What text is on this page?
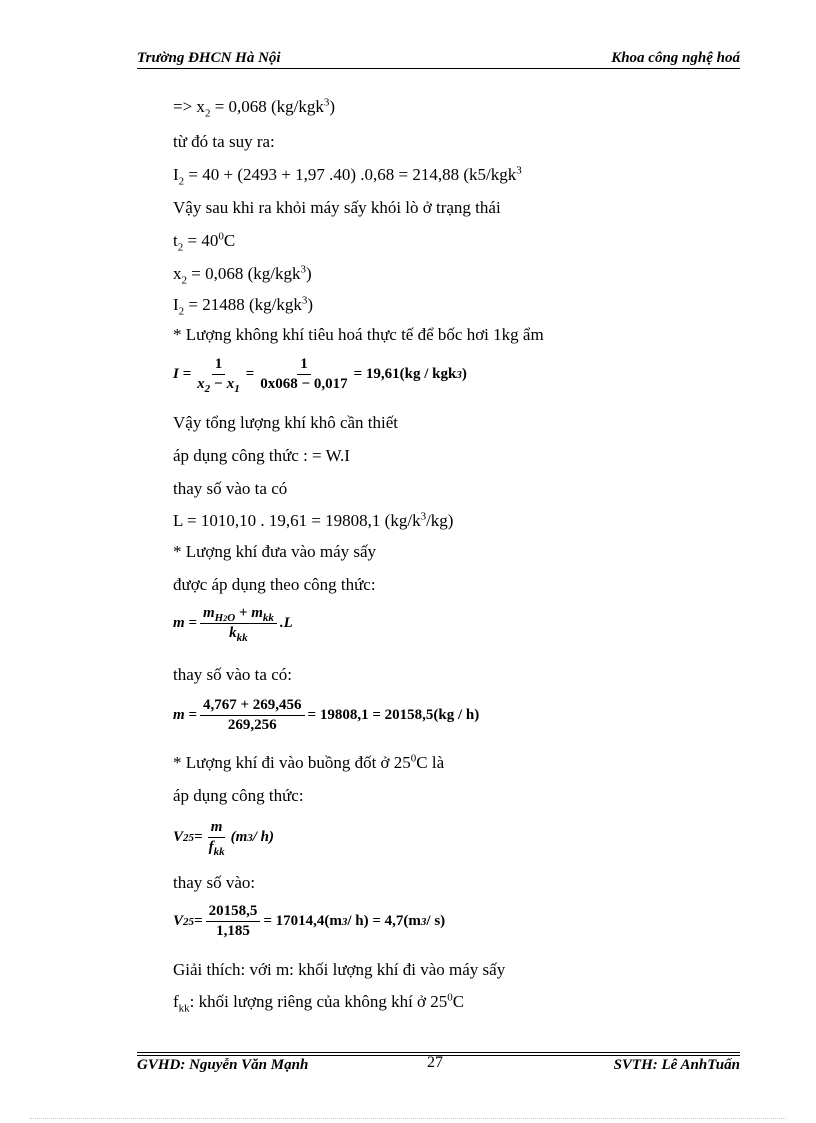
Trường ĐHCN Hà Nội	Khoa công nghệ hoá
=> $x_2 = 0,068$ (kg/kgk$^3$)
từ đó ta suy ra:
$I_2 = 40 + (2493 + 1,97$ .40) .0,68 = 214,88 (k5/kgk$^3$
Vậy sau khi ra khỏi máy sấy khói lò ở trạng thái
$t_2 = 40^0C$
$x_2 = 0,068$ (kg/kgk$^3$)
$I_2 = 21488$ (kg/kgk$^3$)
* Lượng không khí tiêu hoá thực tế để bốc hơi 1kg ẩm
$I = \frac{1}{x_2 - x_1} = \frac{1}{0x068 - 0,017} = 19,61(kg$ / kgk 3 )
Vậy tổng lượng khí khô cần thiết
áp dụng công thức : = W.I
thay số vào ta có
L = 1010,10 . 19,61 = 19808,1 $(kg/k^3/kg)$
* Lượng khí đưa vào máy sấy
được áp dụng theo công thức:
$m = \frac{m_{H2O} + m_{kk}}{k_{kk}} .L$
thay số vào ta có:
$m = \frac{4,767 + 269,456}{269,256} = 19808,1 = 20158,5(kg / h)$
* Lượng khí đi vào buồng đốt ở $25^0C$ là
áp dụng công thức:
V $25 = \frac{m}{f_{kk}} (m$ 3 / h)
thay số vào:
V $25 = \frac{20158,5}{1,185} = 17014,4(m$ 3 / h) = 4,7(m 3 / s)
Giải thích: với m: khối lượng khí đi vào máy sấy
$f_{kk}$: khối lượng riêng của không khí ở $25^0C$
GVHD: Nguyễn Văn Mạnh	27	SVTH: Lê AnhTuấn
